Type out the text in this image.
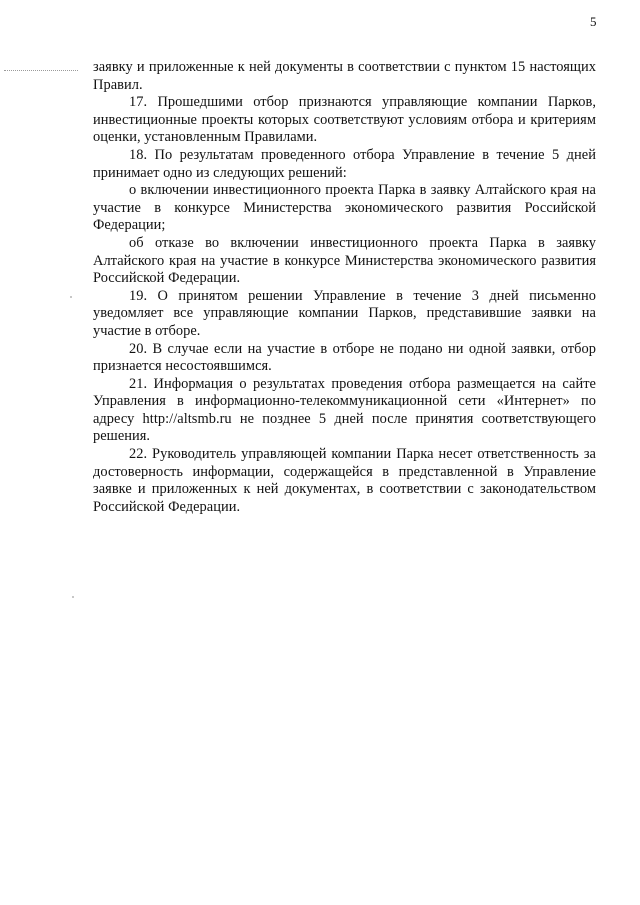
5

заявку и приложенные к ней документы в соответствии с пунктом 15 настоящих Правил.

17. Прошедшими отбор признаются управляющие компании Парков, инвестиционные проекты которых соответствуют условиям отбора и критериям оценки, установленным Правилами.

18. По результатам проведенного отбора Управление в течение 5 дней принимает одно из следующих решений:

о включении инвестиционного проекта Парка в заявку Алтайского края на участие в конкурсе Министерства экономического развития Российской Федерации;

об отказе во включении инвестиционного проекта Парка в заявку Алтайского края на участие в конкурсе Министерства экономического развития Российской Федерации.

19. О принятом решении Управление в течение 3 дней письменно уведомляет все управляющие компании Парков, представившие заявки на участие в отборе.

20. В случае если на участие в отборе не подано ни одной заявки, отбор признается несостоявшимся.

21. Информация о результатах проведения отбора размещается на сайте Управления в информационно-телекоммуникационной сети «Интернет» по адресу http://altsmb.ru не позднее 5 дней после принятия соответствующего решения.

22. Руководитель управляющей компании Парка несет ответственность за достоверность информации, содержащейся в представленной в Управление заявке и приложенных к ней документах, в соответствии с законодательством Российской Федерации.
